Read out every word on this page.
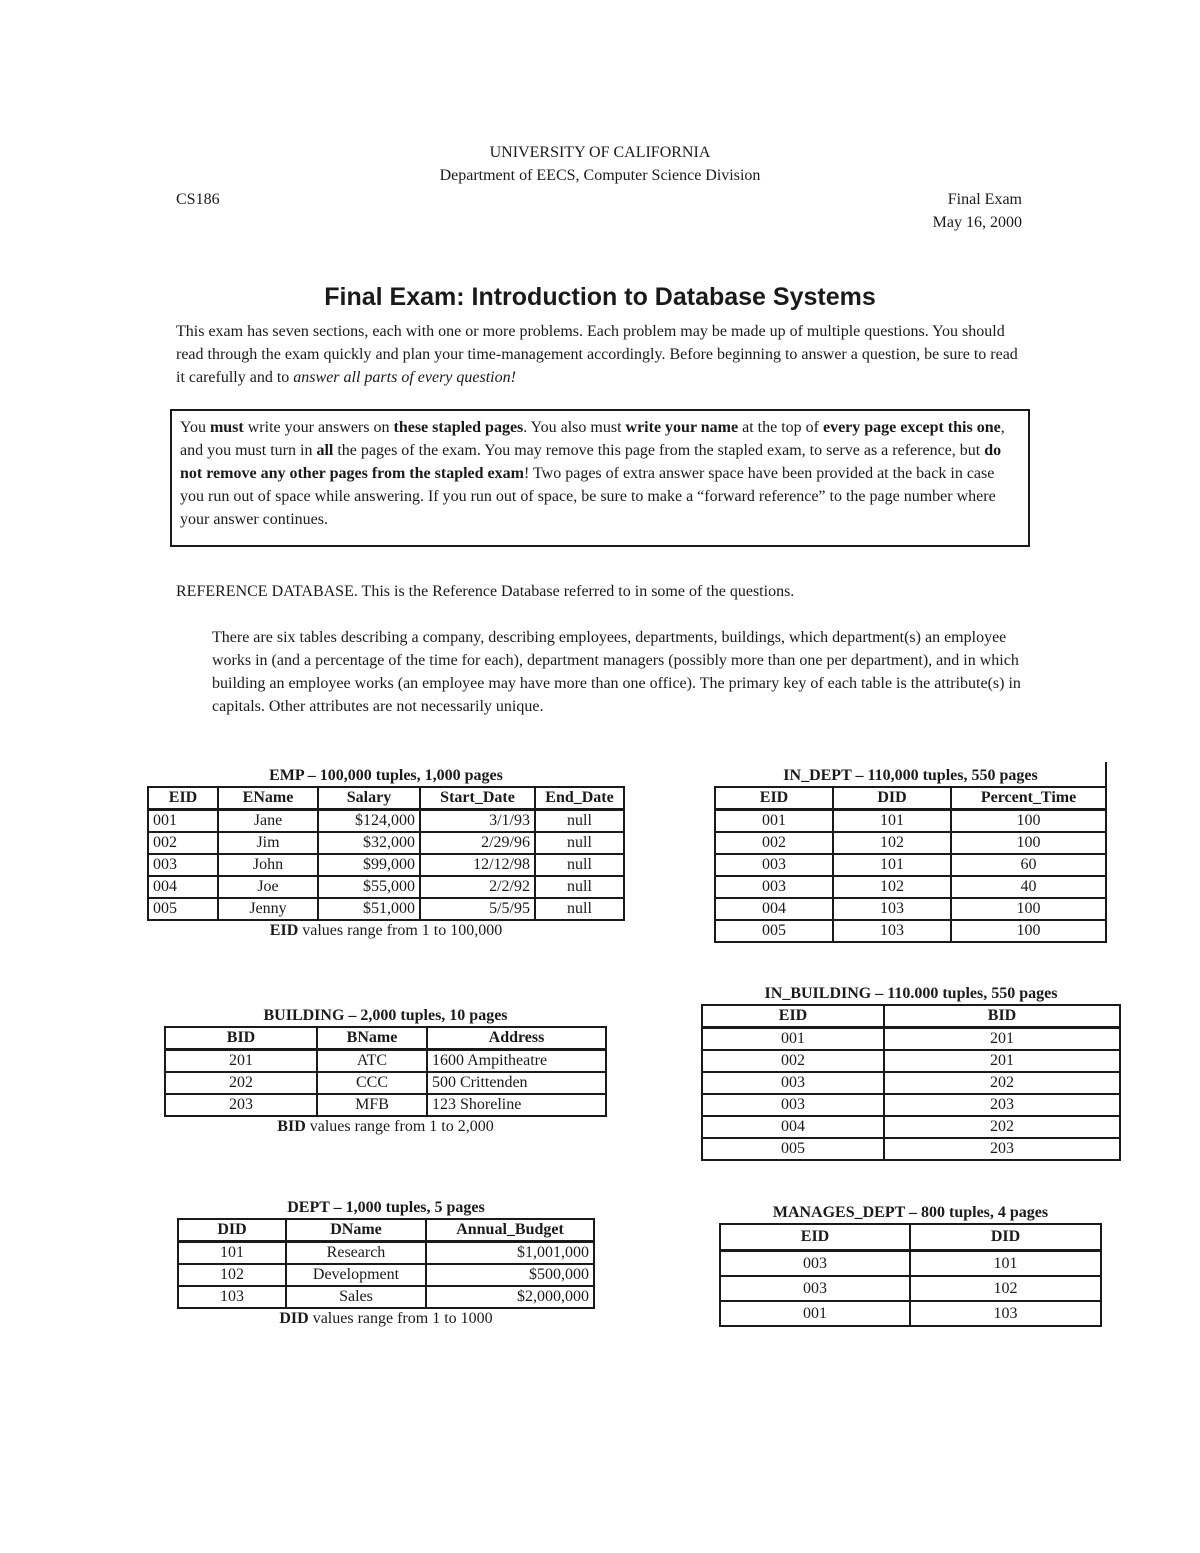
UNIVERSITY OF CALIFORNIA
Department of EECS, Computer Science Division
CS186	Final Exam
May 16, 2000
Final Exam: Introduction to Database Systems
This exam has seven sections, each with one or more problems. Each problem may be made up of multiple questions. You should read through the exam quickly and plan your time-management accordingly. Before beginning to answer a question, be sure to read it carefully and to answer all parts of every question!
You must write your answers on these stapled pages. You also must write your name at the top of every page except this one, and you must turn in all the pages of the exam. You may remove this page from the stapled exam, to serve as a reference, but do not remove any other pages from the stapled exam! Two pages of extra answer space have been provided at the back in case you run out of space while answering. If you run out of space, be sure to make a “forward reference” to the page number where your answer continues.
REFERENCE DATABASE. This is the Reference Database referred to in some of the questions.
There are six tables describing a company, describing employees, departments, buildings, which department(s) an employee works in (and a percentage of the time for each), department managers (possibly more than one per department), and in which building an employee works (an employee may have more than one office). The primary key of each table is the attribute(s) in capitals. Other attributes are not necessarily unique.
EMP – 100,000 tuples, 1,000 pages
EID	EName	Salary	Start_Date	End_Date
001	Jane	$124,000	3/1/93	null
002	Jim	$32,000	2/29/96	null
003	John	$99,000	12/12/98	null
004	Joe	$55,000	2/2/92	null
005	Jenny	$51,000	5/5/95	null
EID values range from 1 to 100,000
IN_DEPT – 110,000 tuples, 550 pages
EID	DID	Percent_Time
001	101	100
002	102	100
003	101	60
003	102	40
004	103	100
005	103	100
BUILDING – 2,000 tuples, 10 pages
BID	BName	Address
201	ATC	1600 Ampitheatre
202	CCC	500 Crittenden
203	MFB	123 Shoreline
BID values range from 1 to 2,000
IN_BUILDING – 110.000 tuples, 550 pages
EID	BID
001	201
002	201
003	202
003	203
004	202
005	203
DEPT – 1,000 tuples, 5 pages
DID	DName	Annual_Budget
101	Research	$1,001,000
102	Development	$500,000
103	Sales	$2,000,000
DID values range from 1 to 1000
MANAGES_DEPT – 800 tuples, 4 pages
EID	DID
003	101
003	102
001	103
